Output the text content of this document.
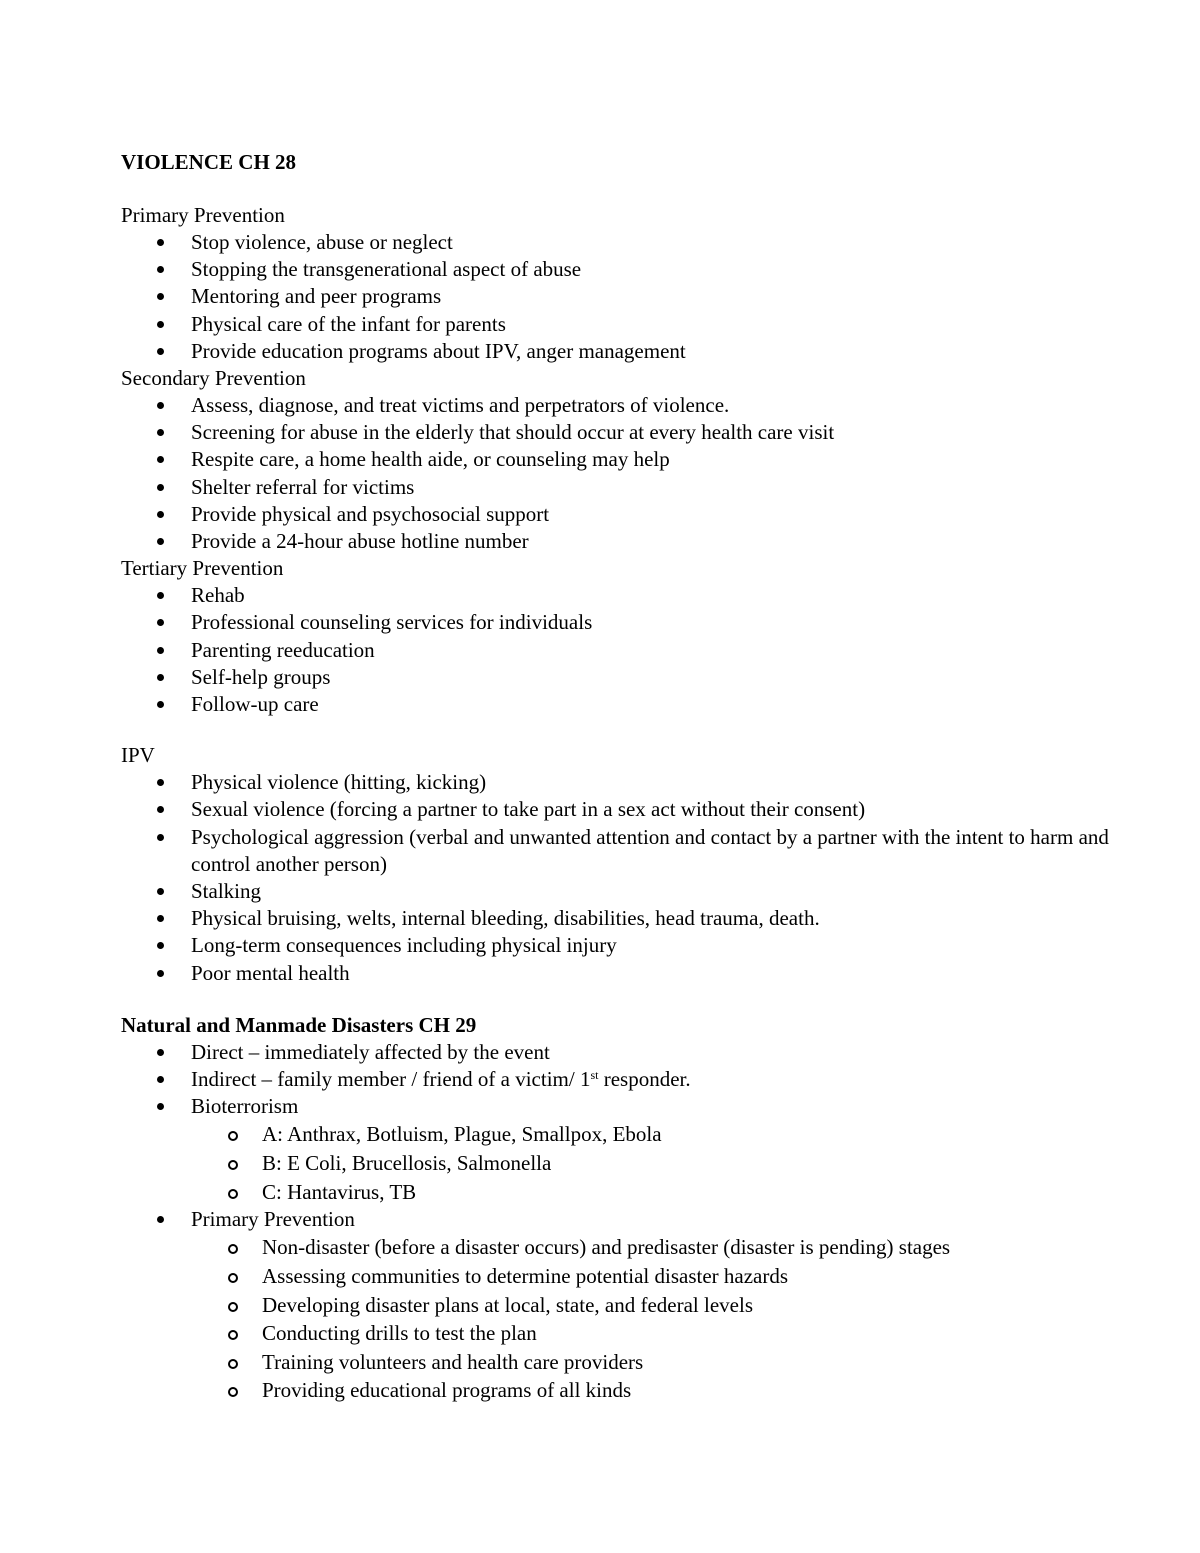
VIOLENCE CH 28
Primary Prevention
Stop violence, abuse or neglect
Stopping the transgenerational aspect of abuse
Mentoring and peer programs
Physical care of the infant for parents
Provide education programs about IPV, anger management
Secondary Prevention
Assess, diagnose, and treat victims and perpetrators of violence.
Screening for abuse in the elderly that should occur at every health care visit
Respite care, a home health aide, or counseling may help
Shelter referral for victims
Provide physical and psychosocial support
Provide a 24-hour abuse hotline number
Tertiary Prevention
Rehab
Professional counseling services for individuals
Parenting reeducation
Self-help groups
Follow-up care
IPV
Physical violence (hitting, kicking)
Sexual violence (forcing a partner to take part in a sex act without their consent)
Psychological aggression (verbal and unwanted attention and contact by a partner with the intent to harm and control another person)
Stalking
Physical bruising, welts, internal bleeding, disabilities, head trauma, death.
Long-term consequences including physical injury
Poor mental health
Natural and Manmade Disasters CH 29
Direct – immediately affected by the event
Indirect – family member / friend of a victim/ 1st responder.
Bioterrorism
A: Anthrax, Botluism, Plague, Smallpox, Ebola
B: E Coli, Brucellosis, Salmonella
C: Hantavirus, TB
Primary Prevention
Non-disaster (before a disaster occurs) and predisaster (disaster is pending) stages
Assessing communities to determine potential disaster hazards
Developing disaster plans at local, state, and federal levels
Conducting drills to test the plan
Training volunteers and health care providers
Providing educational programs of all kinds
